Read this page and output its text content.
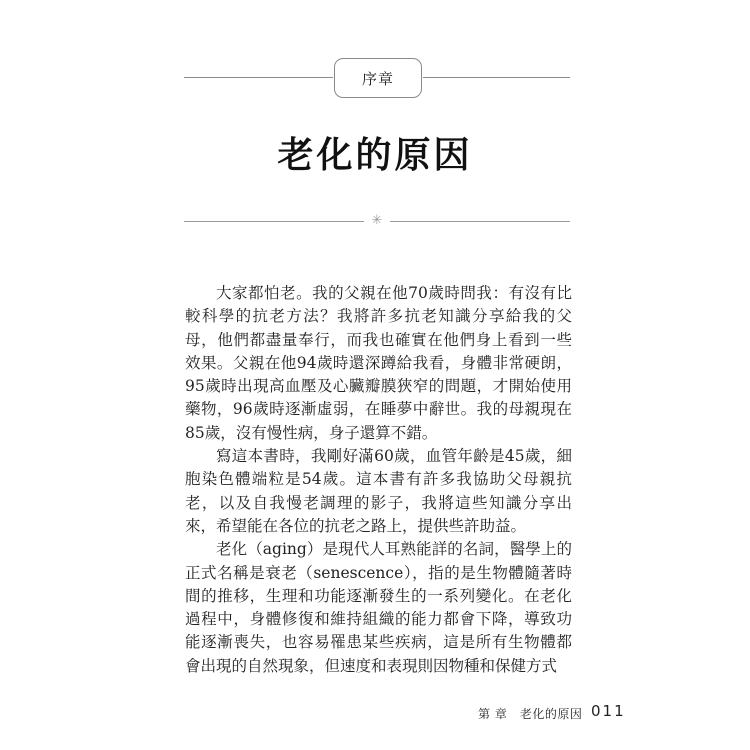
序章
老化的原因
✳

大家都怕老。我的父親在他70歲時問我：有沒有比較科學的抗老方法？我將許多抗老知識分享給我的父母，他們都盡量奉行，而我也確實在他們身上看到一些效果。父親在他94歲時還深蹲給我看，身體非常硬朗，95歲時出現高血壓及心臟瓣膜狹窄的問題，才開始使用藥物，96歲時逐漸虛弱，在睡夢中辭世。我的母親現在85歲，沒有慢性病，身子還算不錯。

寫這本書時，我剛好滿60歲，血管年齡是45歲，細胞染色體端粒是54歲。這本書有許多我協助父母親抗老，以及自我慢老調理的影子，我將這些知識分享出來，希望能在各位的抗老之路上，提供些許助益。

老化（aging）是現代人耳熟能詳的名詞，醫學上的正式名稱是衰老（senescence），指的是生物體隨著時間的推移，生理和功能逐漸發生的一系列變化。在老化過程中，身體修復和維持組織的能力都會下降，導致功能逐漸喪失，也容易罹患某些疾病，這是所有生物體都會出現的自然現象，但速度和表現則因物種和保健方式

第 章　老化的原因 011
